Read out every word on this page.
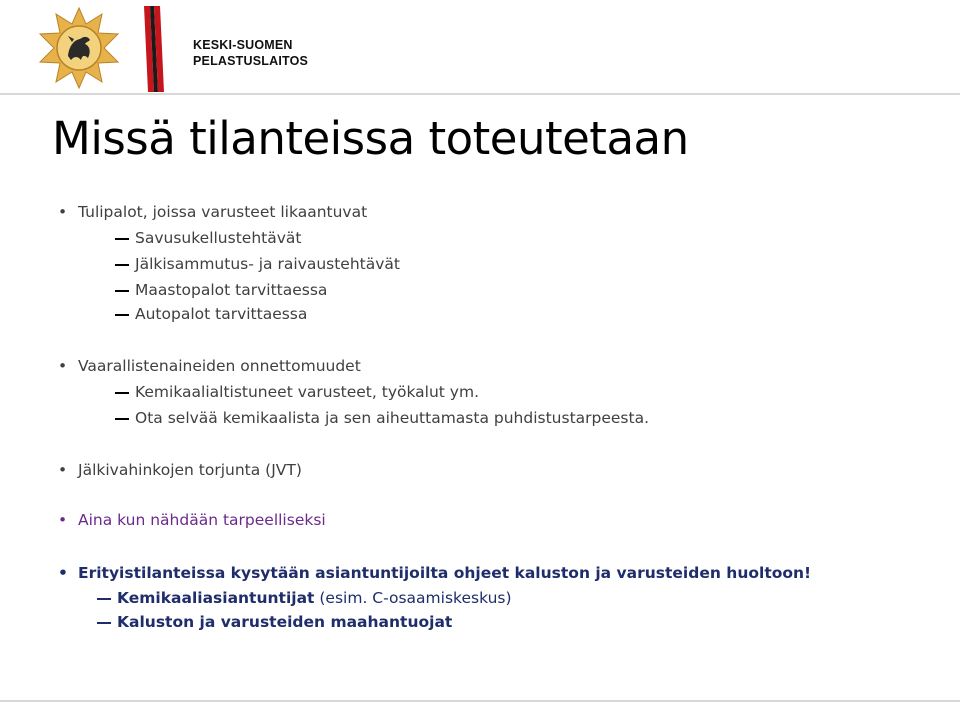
KESKI-SUOMEN
PELASTUSLAITOS
Missä tilanteissa toteutetaan
• Tulipalot, joissa varusteet likaantuvat
Savusukellustehtävät
Jälkisammutus- ja raivaustehtävät
Maastopalot tarvittaessa
Autopalot tarvittaessa
• Vaarallistenaineiden onnettomuudet
Kemikaalialtistuneet varusteet, työkalut ym.
Ota selvää kemikaalista ja sen aiheuttamasta puhdistustarpeesta.
• Jälkivahinkojen torjunta (JVT)
• Aina kun nähdään tarpeelliseksi
• Erityistilanteissa kysytään asiantuntijoilta ohjeet kaluston ja varusteiden huoltoon!
Kemikaaliasiantuntijat (esim. C-osaamiskeskus)
Kaluston ja varusteiden maahantuojat
